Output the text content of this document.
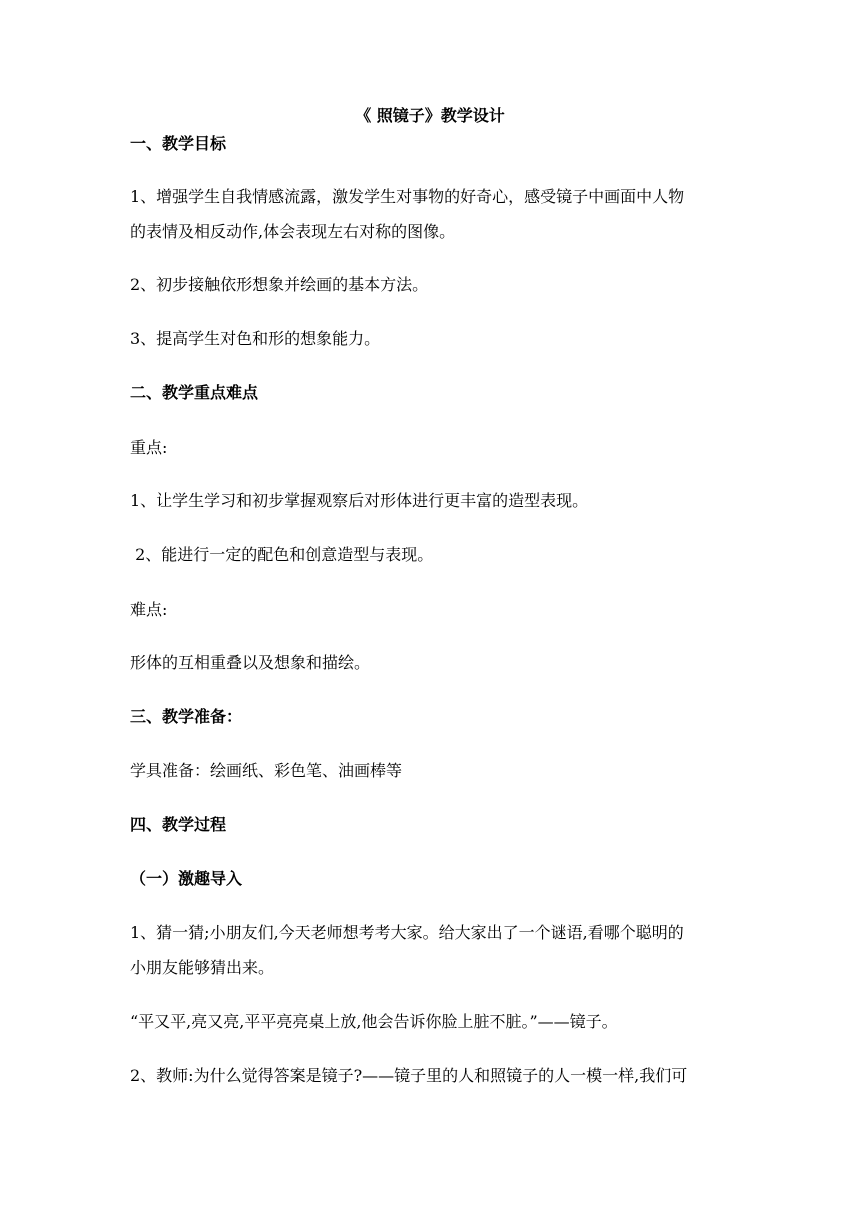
《 照镜子》教学设计
一、教学目标
1、增强学生自我情感流露，激发学生对事物的好奇心，感受镜子中画面中人物
的表情及相反动作,体会表现左右对称的图像。
2、初步接触依形想象并绘画的基本方法。
3、提高学生对色和形的想象能力。
二、教学重点难点
重点:
1、让学生学习和初步掌握观察后对形体进行更丰富的造型表现。
2、能进行一定的配色和创意造型与表现。
难点:
形体的互相重叠以及想象和描绘。
三、教学准备：
学具准备：绘画纸、彩色笔、油画棒等
四、教学过程
（一）激趣导入
1、猜一猜;小朋友们,今天老师想考考大家。给大家出了一个谜语,看哪个聪明的
小朋友能够猜出来。
“平又平,亮又亮,平平亮亮桌上放,他会告诉你脸上脏不脏。”——镜子。
2、教师:为什么觉得答案是镜子?——镜子里的人和照镜子的人一模一样,我们可
